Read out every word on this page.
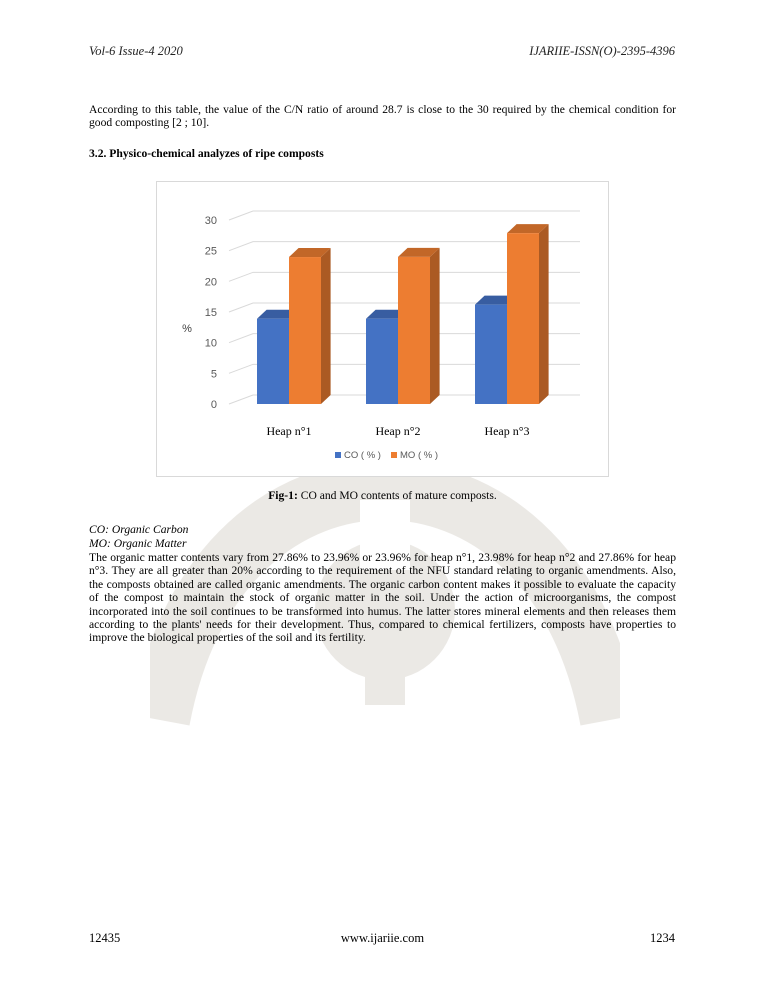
Vol-6 Issue-4 2020	IJARIIE-ISSN(O)-2395-4396
According to this table, the value of the C/N ratio of around 28.7 is close to the 30 required by the chemical condition for good composting [2 ; 10].
3.2. Physico-chemical analyzes of ripe composts
0
5
10
15
20
25
30
%
Heap n°1	Heap n°2	Heap n°3
CO ( % ) MO ( % )
Fig-1: CO and MO contents of mature composts.
CO: Organic Carbon
MO: Organic Matter
The organic matter contents vary from 27.86% to 23.96% or 23.96% for heap n°1, 23.98% for heap n°2 and 27.86% for heap n°3. They are all greater than 20% according to the requirement of the NFU standard relating to organic amendments. Also, the composts obtained are called organic amendments. The organic carbon content makes it possible to evaluate the capacity of the compost to maintain the stock of organic matter in the soil. Under the action of microorganisms, the compost incorporated into the soil continues to be transformed into humus. The latter stores mineral elements and then releases them according to the plants' needs for their development. Thus, compared to chemical fertilizers, composts have properties to improve the biological properties of the soil and its fertility.
12435	www.ijariie.com	1234
